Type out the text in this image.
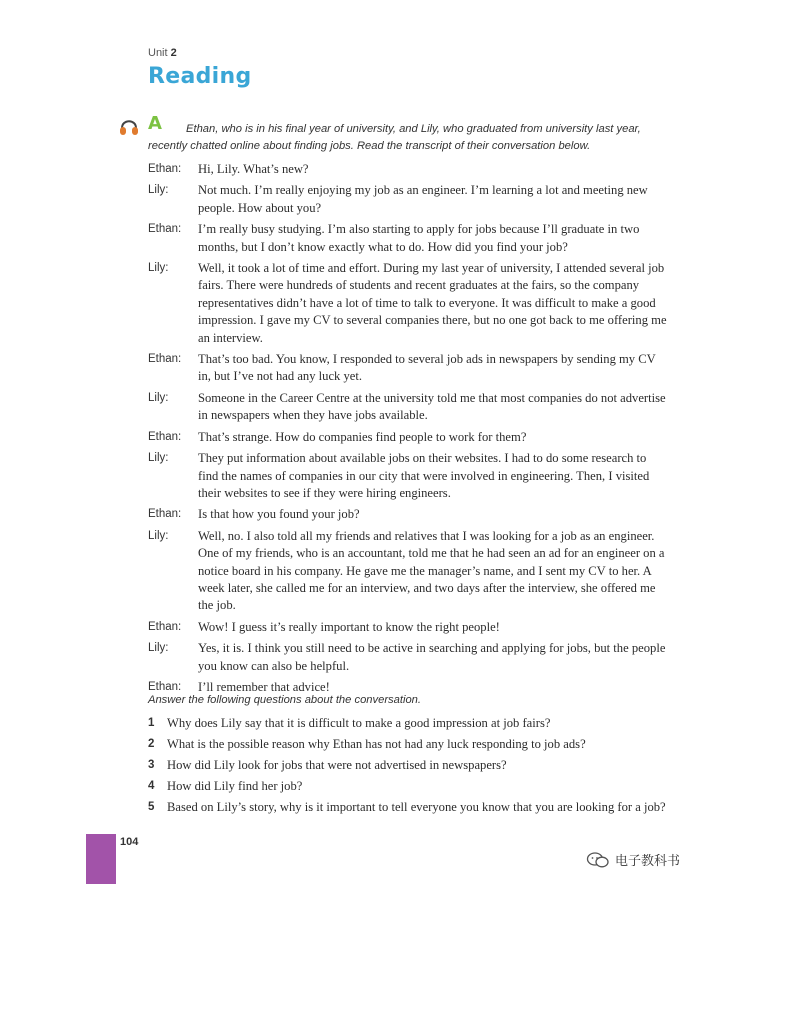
Unit 2
Reading
A	Ethan, who is in his final year of university, and Lily, who graduated from university last year, recently chatted online about finding jobs. Read the transcript of their conversation below.
Ethan:	Hi, Lily. What’s new?
Lily:	Not much. I’m really enjoying my job as an engineer. I’m learning a lot and meeting new people. How about you?
Ethan:	I’m really busy studying. I’m also starting to apply for jobs because I’ll graduate in two months, but I don’t know exactly what to do. How did you find your job?
Lily:	Well, it took a lot of time and effort. During my last year of university, I attended several job fairs. There were hundreds of students and recent graduates at the fairs, so the company representatives didn’t have a lot of time to talk to everyone. It was difficult to make a good impression. I gave my CV to several companies there, but no one got back to me offering me an interview.
Ethan:	That’s too bad. You know, I responded to several job ads in newspapers by sending my CV in, but I’ve not had any luck yet.
Lily:	Someone in the Career Centre at the university told me that most companies do not advertise in newspapers when they have jobs available.
Ethan:	That’s strange. How do companies find people to work for them?
Lily:	They put information about available jobs on their websites. I had to do some research to find the names of companies in our city that were involved in engineering. Then, I visited their websites to see if they were hiring engineers.
Ethan:	Is that how you found your job?
Lily:	Well, no. I also told all my friends and relatives that I was looking for a job as an engineer. One of my friends, who is an accountant, told me that he had seen an ad for an engineer on a notice board in his company. He gave me the manager’s name, and I sent my CV to her. A week later, she called me for an interview, and two days after the interview, she offered me the job.
Ethan:	Wow! I guess it’s really important to know the right people!
Lily:	Yes, it is. I think you still need to be active in searching and applying for jobs, but the people you know can also be helpful.
Ethan:	I’ll remember that advice!
Answer the following questions about the conversation.
1 Why does Lily say that it is difficult to make a good impression at job fairs?
2 What is the possible reason why Ethan has not had any luck responding to job ads?
3 How did Lily look for jobs that were not advertised in newspapers?
4 How did Lily find her job?
5 Based on Lily’s story, why is it important to tell everyone you know that you are looking for a job?
104
电子教科书
